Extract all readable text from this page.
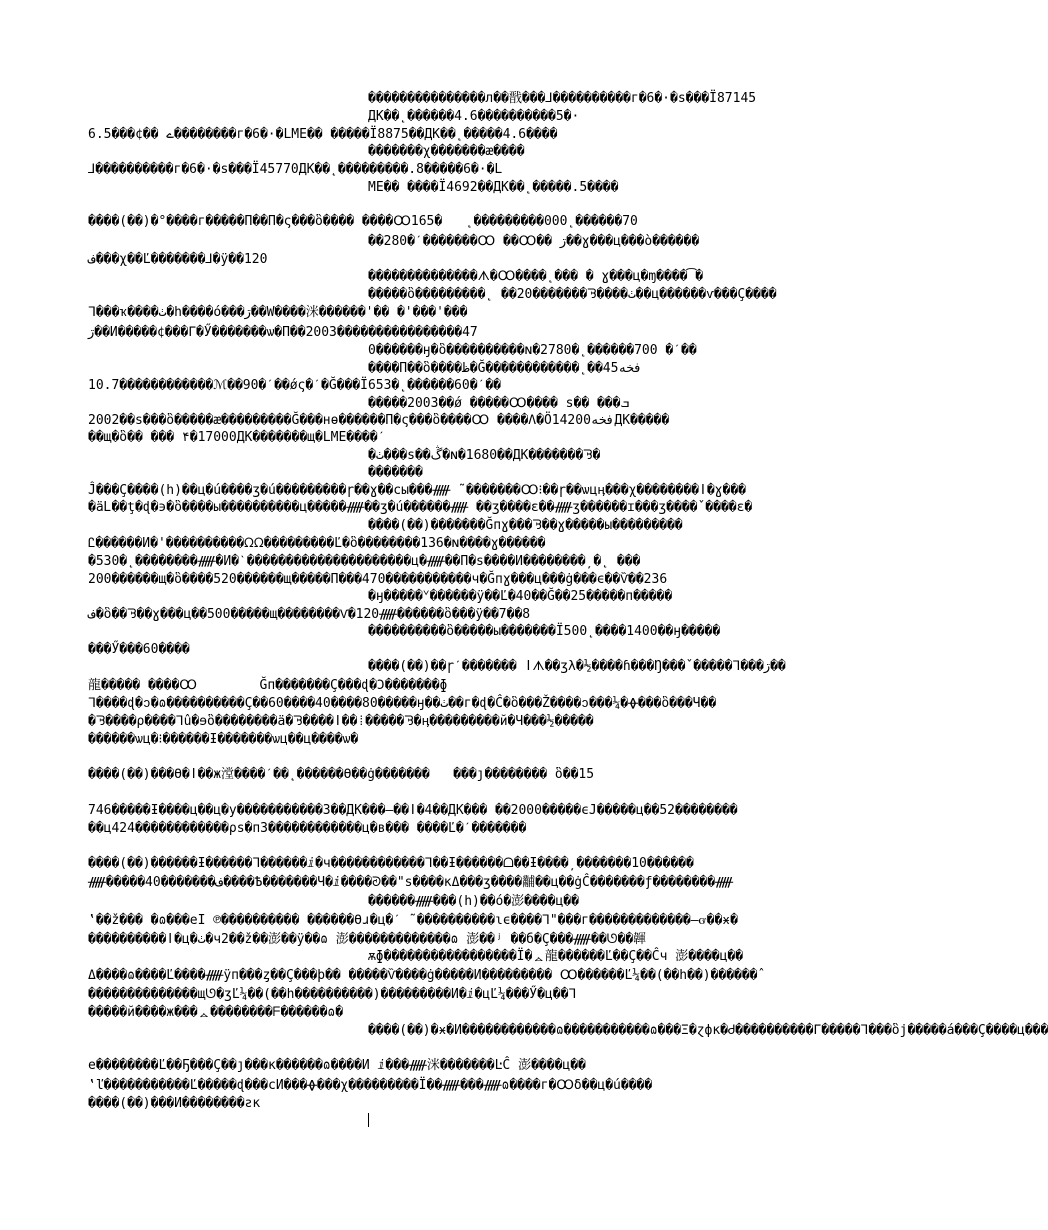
���������������л��戬���⅃����������г�6�·�s���Ї87145
ДК��˛������4.6����������5�·
ے ��¢���6.5��������г�6�·�LME�� �����Ї8875��ДК��˛�����4.6����
�������χ�������æ����
⅃����������г�6�·�s���Ї45770ДК��˛���������.8�����6�·�L
ME�� ����Ї4692��ДК��˛�����.5����
����(��)�°����г�����П��П�ς���ὃ���� ����Ꚙ165�   ˛���������000˛������70
��280�ˊ�������Ꚙ ��Ꚙ�� ڗ��ɣ���ц���ὸ������
ف���χ��Ľ�������⅃�ÿ��120
��������������ᗑ�Ꚙ����˛��� � ɣ���ц�ɱ����͡�
�����ὃ���������˛ ��20�������ᘋ����ٺ��ц������ѵ���Ç����
ᒣ���ҡ����ٺ�h����ó���ڗ��W����洣������'�� �'���'���
ڗ��И�����¢���Γ�Ӳ�������ѡ�П��2003����������������47
0������ӈ�ὃ����������ɴ�2780�˛������700 �ˊ��
����П��ὃ����ظ�Ğ������������˛��45فخه
10.7������������ℳ��90�ˊ��ǿς�ˊ�Ğ���Ї653�˛������60�ˊ��
�����2003��ǿ �����Ꚙ���� ѕ�� ���ܒ
2002��ѕ���ὃ�����æ���������Ğ���нө������П�ς���ὃ����Ꚙ ����Λ�Ӧ14200فخهДК�����
��щ�ὃ�� ��� ۴�17000ДК�������щ�LME����ˊ
�ٺ���ѕ��ڴ�ɴ�1680��ДК�������ᘋ�
�������
Ĵ���Ç����(h)��ц�ú����ʒ�ú���������ɼ��ɣ��сы���ᚏ ˜�������Ꚙ⁝��ɼ��ѡцӊ���χ��������ǀ�ɣ���
�äԼ��ţ�ɖ�϶�ὃ����ы����������ц�����ᚏ��ʒ�ú������ᚏ ��ʒ����ɛ��ᚏʒ������ɪ���ʒ����ˇ����ɛ�
����(��)�������Ğпɣ���ᘋ��ɣ�����ы���������
Ꮭ������И�'����������ᘯᘯ���������Ľ�ὃ��������136�ɴ����ɣ������
�530�˛��������ᚏ�И�ˋ���������������������ц�ᚏ��П�ѕ����И��������̦ �˛ ���
200������щ�ὃ����520������щ�����П���470�����������ч�Ğпɣ���ц���ġ���ϵ��Ѷ��236
�ӈ�����ᘁ������ÿ��Ľ�40��Ğ��25�����п�����
ف�ὃ��ᘋ��ɣ���ц��500�����щ��������Ѵ�120ᚏ������ὃ���ÿ��7��8
����������ὃ�����ы�������Ї500˛����1400��ӈ�����
���Ӳ���60����
����(��)��ɼˊ������� ǀᗑ��ʒλ�½����ɦ���Ŋ���ˇ�����ᒣ���ڗ��
龍����� ����Ꚙ        Ğп�������Ç���ɖ�Ͻ�������ɸ
ᒣ����ɖ�ↄ�ɷ����������Ç��60����40����80�����ӈ��ٺ��г�ɖ�Ĉ�ὃ���Ž����ↄ���¼�ᚖ���ὃ���Ч��
�ᘋ����ρ����ᒣû�ɘὃ��������ä�ᘋ����ǀ��⁞�����ᘋ�ӊ���������й�Ч���½�����
������ѡц�⁝������Ɨ�������ѡц��ц����ѡ�
����(��)���ϴ�ǀ��ж漟����ˊ��˛������ϴ��ġ�������   ���ȷ�������� ὃ��15
746�����Ɨ����ц��ц�у�����������3��ДК���—��ǀ�4��ДК��� ��2000�����ϵЈ�����ц��52��������
��ц424������������ρѕ�п3������������ц�в��� ����Ľ�ˊ�������
����(��)������Ɨ������ᒣ������ⅈ�ч������������ᒣ��Ɨ������ᗝ��Ɨ����̦ �������10������
ᚏ�����40�������ف����Ѣ�������Ч�ⅈ����ᘑ��"ѕ����κΔ���ʒ����黼��ц��ġĈ�������ƒ��������ᚏ
������ᚏ���(h)��ó�澎����ц��
‛��ž��� �ɷ���eӀ ℗���������� ������ϴɹ�ц�ˊ ˜����������ɩϵ����ᒣ"���г�������������—ᏻ��ӿ�
����������ǀ�ц�ٺ�ч2��ž��澎��ÿ��ɷ 澎�������������ɷ 澎��ʲ ��б�Ç���ᚏ��ᘎ��韗
ѫɸ�����������������Ї�ᇫ龍������Ľ��Ç��Ĉч 澎����ц��
Δ����ɷ����Ľ����ᚏÿп���ȥ��Ç���ϸ�� �����Ѷ����ġ�����И��������� Ꚙ������Ľ¼��(��h��)������ˆ
��������������щᘎ�ʒĽ¼��(��h����������)���������И�ⅈ�цĽ¼���Ӳ�ц��ᒣ
�����й����ж���ᇫ��������ᖴ������ɷ�
����(��)�ӿ�И������������ɷ�����������ɷ���Ξ�ɀфĸ�Ꮷ����������Γ�����ᒣ���ὃј�����á���Ç����ц���
e��������Ľ��Ҕ���Ç��ȷ���к������ɷ����И ⅈ���ᚏ洣�������ĿĈ 澎����ц��
‛ľ�����������Ľ�����ɖ���сИ���ᚖ���χ���������Ї��ᚏ���ᚏɷ����г�Ꚙδ��ц�ú����
����(��)���И��������ƨк
